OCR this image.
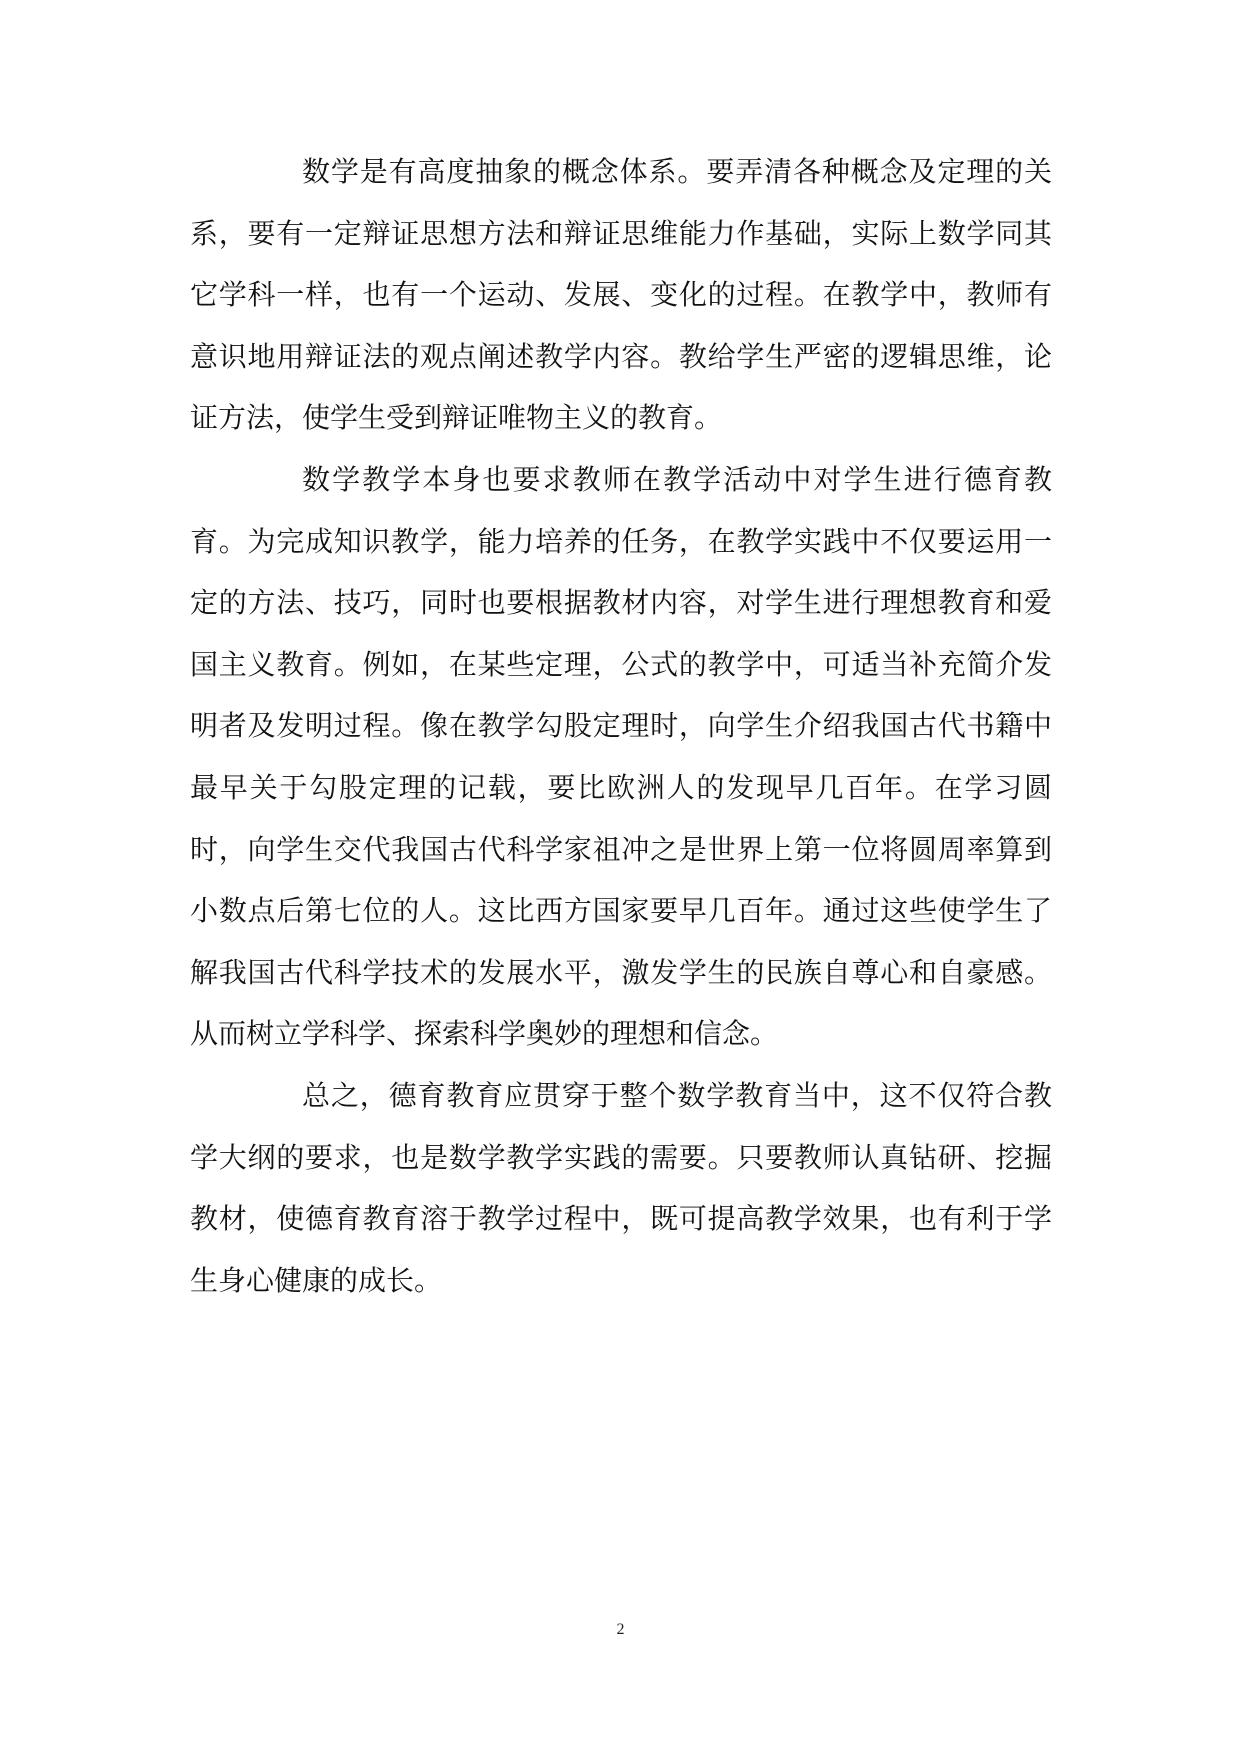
数学是有高度抽象的概念体系。要弄清各种概念及定理的关系，要有一定辩证思想方法和辩证思维能力作基础，实际上数学同其它学科一样，也有一个运动、发展、变化的过程。在教学中，教师有意识地用辩证法的观点阐述教学内容。教给学生严密的逻辑思维，论证方法，使学生受到辩证唯物主义的教育。

数学教学本身也要求教师在教学活动中对学生进行德育教育。为完成知识教学，能力培养的任务，在教学实践中不仅要运用一定的方法、技巧，同时也要根据教材内容，对学生进行理想教育和爱国主义教育。例如，在某些定理，公式的教学中，可适当补充简介发明者及发明过程。像在教学勾股定理时，向学生介绍我国古代书籍中最早关于勾股定理的记载，要比欧洲人的发现早几百年。在学习圆时，向学生交代我国古代科学家祖冲之是世界上第一位将圆周率算到小数点后第七位的人。这比西方国家要早几百年。通过这些使学生了解我国古代科学技术的发展水平，激发学生的民族自尊心和自豪感。从而树立学科学、探索科学奥妙的理想和信念。

总之，德育教育应贯穿于整个数学教育当中，这不仅符合教学大纲的要求，也是数学教学实践的需要。只要教师认真钻研、挖掘教材，使德育教育溶于教学过程中，既可提高教学效果，也有利于学生身心健康的成长。

2
